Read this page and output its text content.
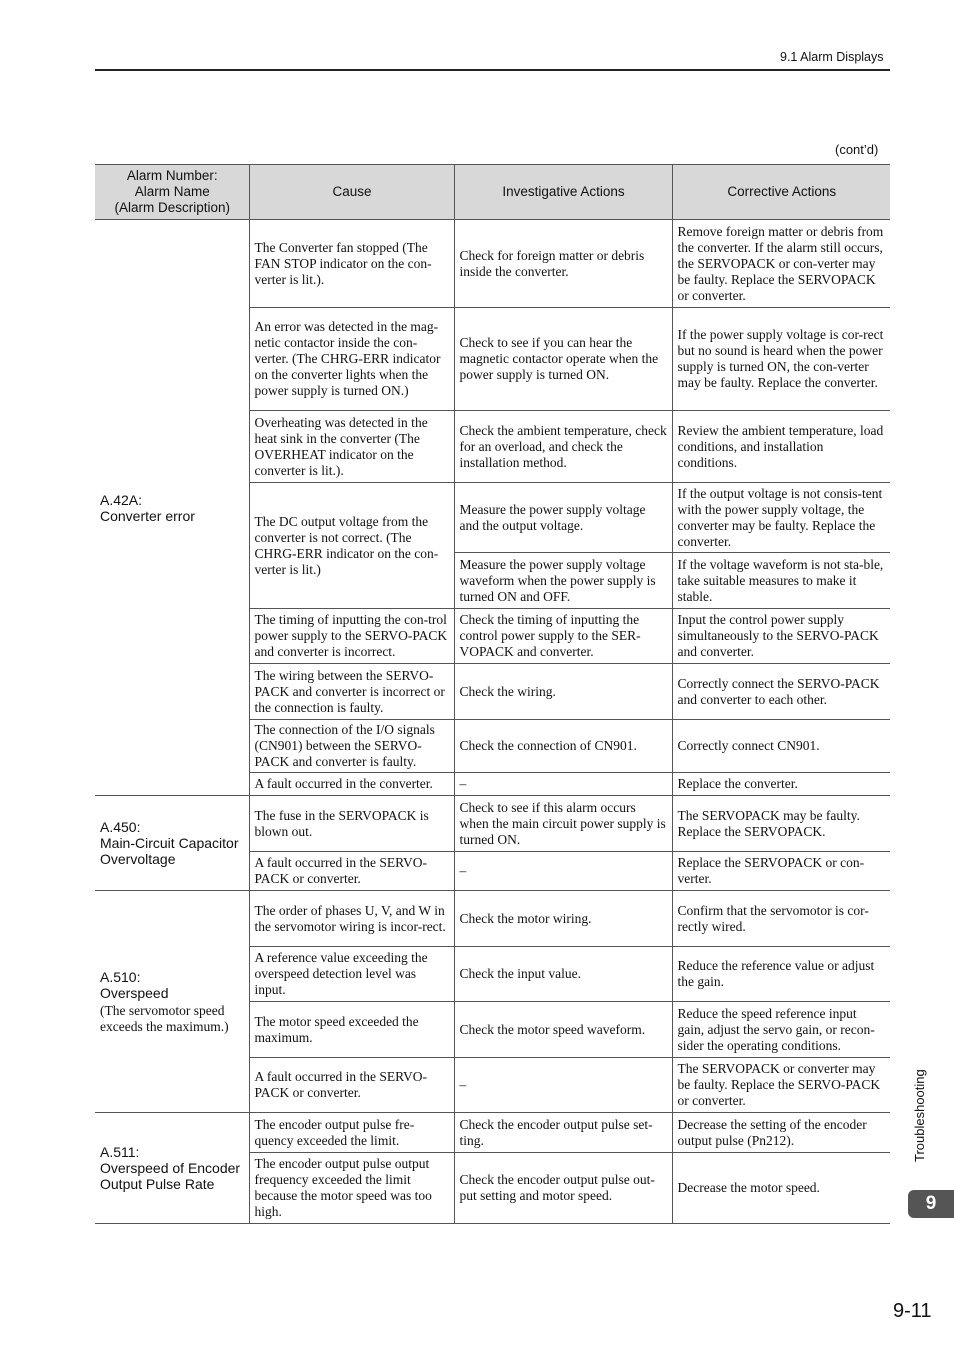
9.1 Alarm Displays
(cont’d)
Alarm Number:
Alarm Name
(Alarm Description)	Cause	Investigative Actions	Corrective Actions

A.42A:
Converter error	The Converter fan stopped (The FAN STOP indicator on the con-verter is lit.).	Check for foreign matter or debris inside the converter.	Remove foreign matter or debris from the converter. If the alarm still occurs, the SERVOPACK or con-verter may be faulty. Replace the SERVOPACK or converter.
	An error was detected in the mag-netic contactor inside the con-verter. (The CHRG-ERR indicator on the converter lights when the power supply is turned ON.)	Check to see if you can hear the magnetic contactor operate when the power supply is turned ON.	If the power supply voltage is cor-rect but no sound is heard when the power supply is turned ON, the con-verter may be faulty. Replace the converter.
	Overheating was detected in the heat sink in the converter (The OVERHEAT indicator on the converter is lit.).	Check the ambient temperature, check for an overload, and check the installation method.	Review the ambient temperature, load conditions, and installation conditions.
	The DC output voltage from the converter is not correct. (The CHRG-ERR indicator on the con-verter is lit.)	Measure the power supply voltage and the output voltage.	If the output voltage is not consis-tent with the power supply voltage, the converter may be faulty. Replace the converter.
		Measure the power supply voltage waveform when the power supply is turned ON and OFF.	If the voltage waveform is not sta-ble, take suitable measures to make it stable.
	The timing of inputting the con-trol power supply to the SERVO-PACK and converter is incorrect.	Check the timing of inputting the control power supply to the SER-VOPACK and converter.	Input the control power supply simultaneously to the SERVO-PACK and converter.
	The wiring between the SERVO-PACK and converter is incorrect or the connection is faulty.	Check the wiring.	Correctly connect the SERVO-PACK and converter to each other.
	The connection of the I/O signals (CN901) between the SERVO-PACK and converter is faulty.	Check the connection of CN901.	Correctly connect CN901.
	A fault occurred in the converter.	–	Replace the converter.

A.450:
Main-Circuit Capacitor Overvoltage	The fuse in the SERVOPACK is blown out.	Check to see if this alarm occurs when the main circuit power supply is turned ON.	The SERVOPACK may be faulty. Replace the SERVOPACK.
	A fault occurred in the SERVO-PACK or converter.	–	Replace the SERVOPACK or con-verter.

A.510:
Overspeed
(The servomotor speed exceeds the maximum.)	The order of phases U, V, and W in the servomotor wiring is incor-rect.	Check the motor wiring.	Confirm that the servomotor is cor-rectly wired.
	A reference value exceeding the overspeed detection level was input.	Check the input value.	Reduce the reference value or adjust the gain.
	The motor speed exceeded the maximum.	Check the motor speed waveform.	Reduce the speed reference input gain, adjust the servo gain, or recon-sider the operating conditions.
	A fault occurred in the SERVO-PACK or converter.	–	The SERVOPACK or converter may be faulty. Replace the SERVO-PACK or converter.

A.511:
Overspeed of Encoder Output Pulse Rate	The encoder output pulse fre-quency exceeded the limit.	Check the encoder output pulse set-ting.	Decrease the setting of the encoder output pulse (Pn212).
	The encoder output pulse output frequency exceeded the limit because the motor speed was too high.	Check the encoder output pulse out-put setting and motor speed.	Decrease the motor speed.
Troubleshooting
9
9-11
